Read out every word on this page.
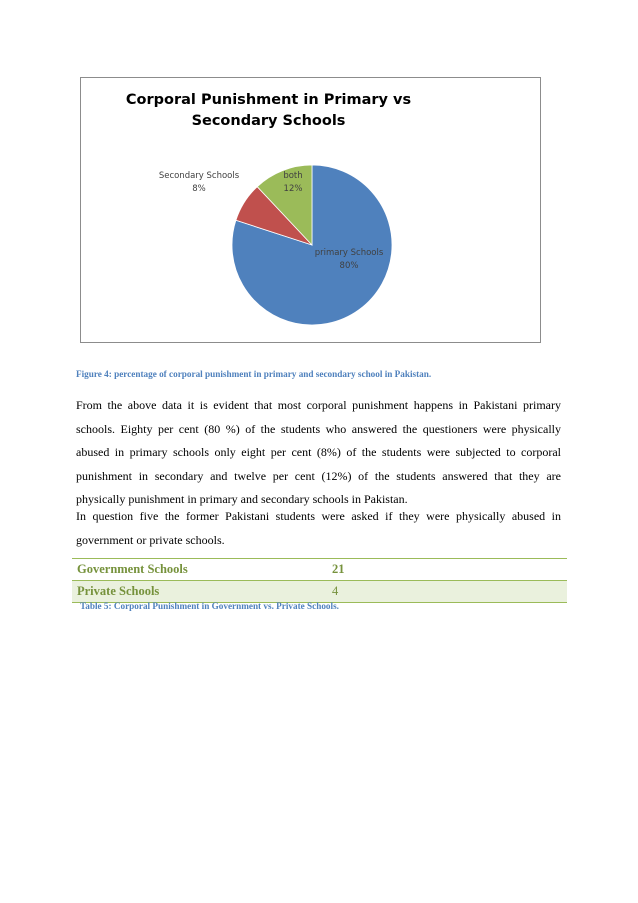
Corporal Punishment in Primary vs
Secondary Schools
primary Schools
80%
Secondary Schools
8%
both
12%
Figure 4: percentage of corporal punishment in primary and secondary school in Pakistan.
From the above data it is evident that most corporal punishment happens in Pakistani primary schools. Eighty per cent (80 %) of the students who answered the questioners were physically abused in primary schools only eight per cent (8%) of the students were subjected to corporal punishment in secondary and twelve per cent (12%) of the students answered that they are physically punishment in primary and secondary schools in Pakistan.
In question five the former Pakistani students were asked if they were physically abused in government or private schools.
Government Schools	21
Private Schools	4
Table 5: Corporal Punishment in Government vs. Private Schools.
